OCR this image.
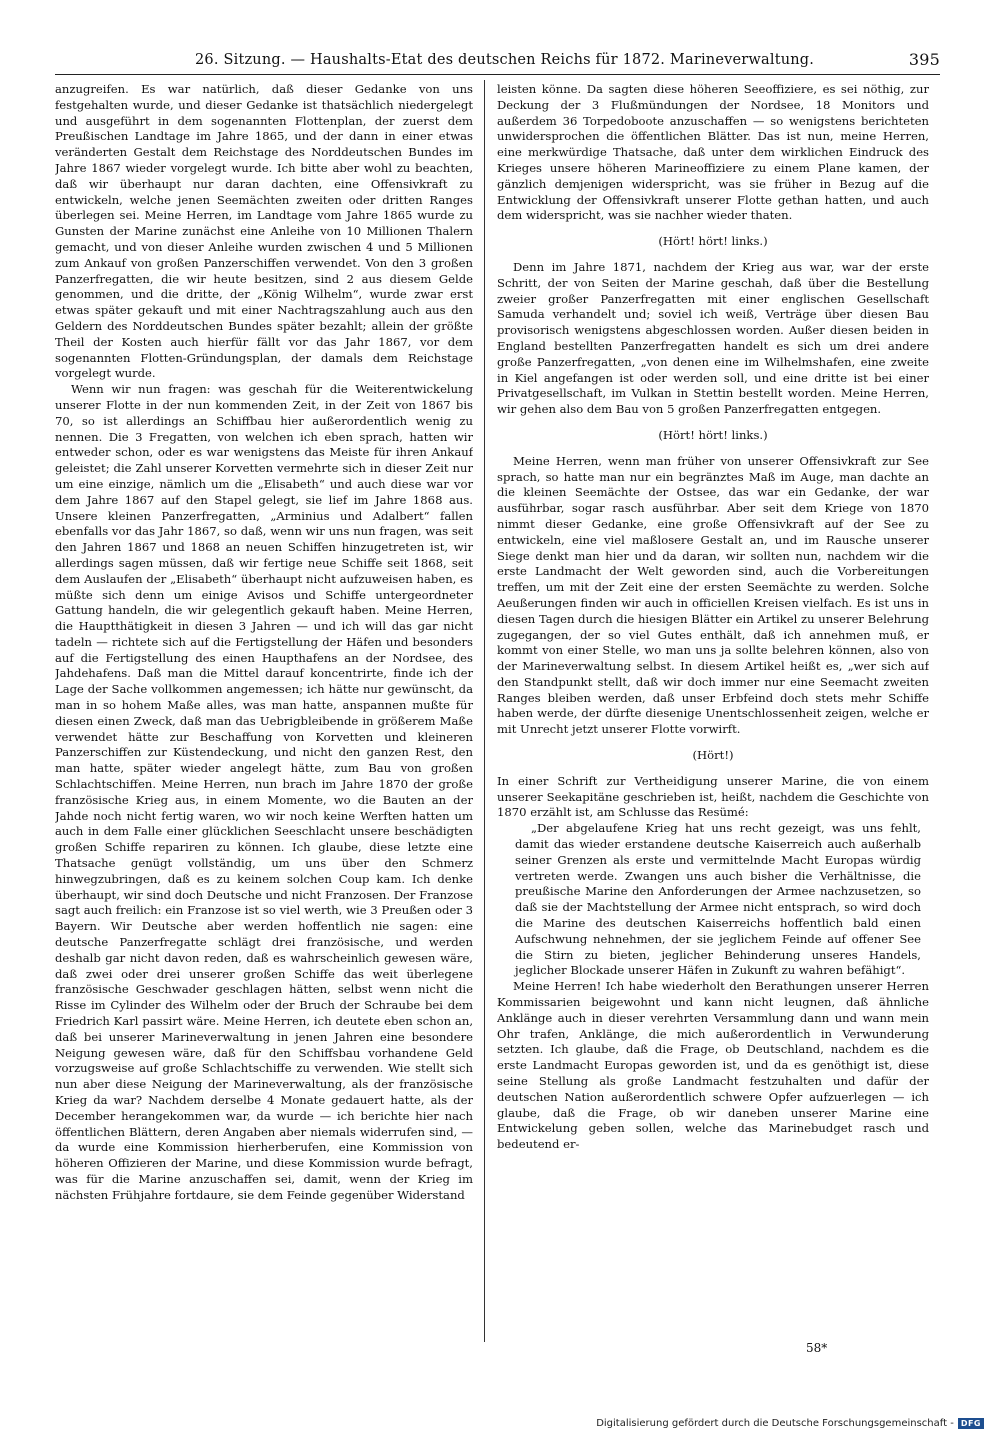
26. Sitzung. — Haushalts-Etat des deutschen Reichs für 1872. Marineverwaltung.	395

anzugreifen. Es war natürlich, daß dieser Gedanke von uns festgehalten wurde, und dieser Gedanke ist thatsächlich niedergelegt und ausgeführt in dem sogenannten Flottenplan, der zuerst dem Preußischen Landtage im Jahre 1865, und der dann in einer etwas veränderten Gestalt dem Reichstage des Norddeutschen Bundes im Jahre 1867 wieder vorgelegt wurde. Ich bitte aber wohl zu beachten, daß wir überhaupt nur daran dachten, eine Offensivkraft zu entwickeln, welche jenen Seemächten zweiten oder dritten Ranges überlegen sei. Meine Herren, im Landtage vom Jahre 1865 wurde zu Gunsten der Marine zunächst eine Anleihe von 10 Millionen Thalern gemacht, und von dieser Anleihe wurden zwischen 4 und 5 Millionen zum Ankauf von großen Panzerschiffen verwendet. Von den 3 großen Panzerfregatten, die wir heute besitzen, sind 2 aus diesem Gelde genommen, und die dritte, der „König Wilhelm“, wurde zwar erst etwas später gekauft und mit einer Nachtragszahlung auch aus den Geldern des Norddeutschen Bundes später bezahlt; allein der größte Theil der Kosten auch hierfür fällt vor das Jahr 1867, vor dem sogenannten Flotten-Gründungsplan, der damals dem Reichstage vorgelegt wurde.

Wenn wir nun fragen: was geschah für die Weiterentwickelung unserer Flotte in der nun kommenden Zeit, in der Zeit von 1867 bis 70, so ist allerdings an Schiffbau hier außerordentlich wenig zu nennen. Die 3 Fregatten, von welchen ich eben sprach, hatten wir entweder schon, oder es war wenigstens das Meiste für ihren Ankauf geleistet; die Zahl unserer Korvetten vermehrte sich in dieser Zeit nur um eine einzige, nämlich um die „Elisabeth“ und auch diese war vor dem Jahre 1867 auf den Stapel gelegt, sie lief im Jahre 1868 aus. Unsere kleinen Panzerfregatten, „Arminius und Adalbert“ fallen ebenfalls vor das Jahr 1867, so daß, wenn wir uns nun fragen, was seit den Jahren 1867 und 1868 an neuen Schiffen hinzugetreten ist, wir allerdings sagen müssen, daß wir fertige neue Schiffe seit 1868, seit dem Auslaufen der „Elisabeth“ überhaupt nicht aufzuweisen haben, es müßte sich denn um einige Avisos und Schiffe untergeordneter Gattung handeln, die wir gelegentlich gekauft haben. Meine Herren, die Hauptthätigkeit in diesen 3 Jahren — und ich will das gar nicht tadeln — richtete sich auf die Fertigstellung der Häfen und besonders auf die Fertigstellung des einen Haupthafens an der Nordsee, des Jahdehafens. Daß man die Mittel darauf koncentrirte, finde ich der Lage der Sache vollkommen angemessen; ich hätte nur gewünscht, da man in so hohem Maße alles, was man hatte, anspannen mußte für diesen einen Zweck, daß man das Uebrigbleibende in größerem Maße verwendet hätte zur Beschaffung von Korvetten und kleineren Panzerschiffen zur Küstendeckung, und nicht den ganzen Rest, den man hatte, später wieder angelegt hätte, zum Bau von großen Schlachtschiffen. Meine Herren, nun brach im Jahre 1870 der große französische Krieg aus, in einem Momente, wo die Bauten an der Jahde noch nicht fertig waren, wo wir noch keine Werften hatten um auch in dem Falle einer glücklichen Seeschlacht unsere beschädigten großen Schiffe repariren zu können. Ich glaube, diese letzte eine Thatsache genügt vollständig, um uns über den Schmerz hinwegzubringen, daß es zu keinem solchen Coup kam. Ich denke überhaupt, wir sind doch Deutsche und nicht Franzosen. Der Franzose sagt auch freilich: ein Franzose ist so viel werth, wie 3 Preußen oder 3 Bayern. Wir Deutsche aber werden hoffentlich nie sagen: eine deutsche Panzerfregatte schlägt drei französische, und werden deshalb gar nicht davon reden, daß es wahrscheinlich gewesen wäre, daß zwei oder drei unserer großen Schiffe das weit überlegene französische Geschwader geschlagen hätten, selbst wenn nicht die Risse im Cylinder des Wilhelm oder der Bruch der Schraube bei dem Friedrich Karl passirt wäre. Meine Herren, ich deutete eben schon an, daß bei unserer Marineverwaltung in jenen Jahren eine besondere Neigung gewesen wäre, daß für den Schiffsbau vorhandene Geld vorzugsweise auf große Schlachtschiffe zu verwenden. Wie stellt sich nun aber diese Neigung der Marineverwaltung, als der französische Krieg da war? Nachdem derselbe 4 Monate gedauert hatte, als der December herangekommen war, da wurde — ich berichte hier nach öffentlichen Blättern, deren Angaben aber niemals widerrufen sind, — da wurde eine Kommission hierherberufen, eine Kommission von höheren Offizieren der Marine, und diese Kommission wurde befragt, was für die Marine anzuschaffen sei, damit, wenn der Krieg im nächsten Frühjahre fortdaure, sie dem Feinde gegenüber Widerstand

leisten könne. Da sagten diese höheren Seeoffiziere, es sei nöthig, zur Deckung der 3 Flußmündungen der Nordsee, 18 Monitors und außerdem 36 Torpedoboote anzuschaffen — so wenigstens berichteten unwidersprochen die öffentlichen Blätter. Das ist nun, meine Herren, eine merkwürdige Thatsache, daß unter dem wirklichen Eindruck des Krieges unsere höheren Marineoffiziere zu einem Plane kamen, der gänzlich demjenigen widerspricht, was sie früher in Bezug auf die Entwicklung der Offensivkraft unserer Flotte gethan hatten, und auch dem widerspricht, was sie nachher wieder thaten.

(Hört! hört! links.)

Denn im Jahre 1871, nachdem der Krieg aus war, war der erste Schritt, der von Seiten der Marine geschah, daß über die Bestellung zweier großer Panzerfregatten mit einer englischen Gesellschaft Samuda verhandelt und; soviel ich weiß, Verträge über diesen Bau provisorisch wenigstens abgeschlossen worden. Außer diesen beiden in England bestellten Panzerfregatten handelt es sich um drei andere große Panzerfregatten, „von denen eine im Wilhelmshafen, eine zweite in Kiel angefangen ist oder werden soll, und eine dritte ist bei einer Privatgesellschaft, im Vulkan in Stettin bestellt worden. Meine Herren, wir gehen also dem Bau von 5 großen Panzerfregatten entgegen.

(Hört! hört! links.)

Meine Herren, wenn man früher von unserer Offensivkraft zur See sprach, so hatte man nur ein begränztes Maß im Auge, man dachte an die kleinen Seemächte der Ostsee, das war ein Gedanke, der war ausführbar, sogar rasch ausführbar. Aber seit dem Kriege von 1870 nimmt dieser Gedanke, eine große Offensivkraft auf der See zu entwickeln, eine viel maßlosere Gestalt an, und im Rausche unserer Siege denkt man hier und da daran, wir sollten nun, nachdem wir die erste Landmacht der Welt geworden sind, auch die Vorbereitungen treffen, um mit der Zeit eine der ersten Seemächte zu werden. Solche Aeußerungen finden wir auch in officiellen Kreisen vielfach. Es ist uns in diesen Tagen durch die hiesigen Blätter ein Artikel zu unserer Belehrung zugegangen, der so viel Gutes enthält, daß ich annehmen muß, er kommt von einer Stelle, wo man uns ja sollte belehren können, also von der Marineverwaltung selbst. In diesem Artikel heißt es, „wer sich auf den Standpunkt stellt, daß wir doch immer nur eine Seemacht zweiten Ranges bleiben werden, daß unser Erbfeind doch stets mehr Schiffe haben werde, der dürfte diesenige Unentschlossenheit zeigen, welche er mit Unrecht jetzt unserer Flotte vorwirft.

(Hört!)

In einer Schrift zur Vertheidigung unserer Marine, die von einem unserer Seekapitäne geschrieben ist, heißt, nachdem die Geschichte von 1870 erzählt ist, am Schlusse das Resümé:

„Der abgelaufene Krieg hat uns recht gezeigt, was uns fehlt, damit das wieder erstandene deutsche Kaiserreich auch außerhalb seiner Grenzen als erste und vermittelnde Macht Europas würdig vertreten werde. Zwangen uns auch bisher die Verhältnisse, die preußische Marine den Anforderungen der Armee nachzusetzen, so daß sie der Machtstellung der Armee nicht entsprach, so wird doch die Marine des deutschen Kaiserreichs hoffentlich bald einen Aufschwung nehnehmen, der sie jeglichem Feinde auf offener See die Stirn zu bieten, jeglicher Behinderung unseres Handels, jeglicher Blockade unserer Häfen in Zukunft zu wahren befähigt“.

Meine Herren! Ich habe wiederholt den Berathungen unserer Herren Kommissarien beigewohnt und kann nicht leugnen, daß ähnliche Anklänge auch in dieser verehrten Versammlung dann und wann mein Ohr trafen, Anklänge, die mich außerordentlich in Verwunderung setzten. Ich glaube, daß die Frage, ob Deutschland, nachdem es die erste Landmacht Europas geworden ist, und da es genöthigt ist, diese seine Stellung als große Landmacht festzuhalten und dafür der deutschen Nation außerordentlich schwere Opfer aufzuerlegen — ich glaube, daß die Frage, ob wir daneben unserer Marine eine Entwickelung geben sollen, welche das Marinebudget rasch und bedeutend er-

58*
Digitalisierung gefördert durch die Deutsche Forschungsgemeinschaft - DFG
